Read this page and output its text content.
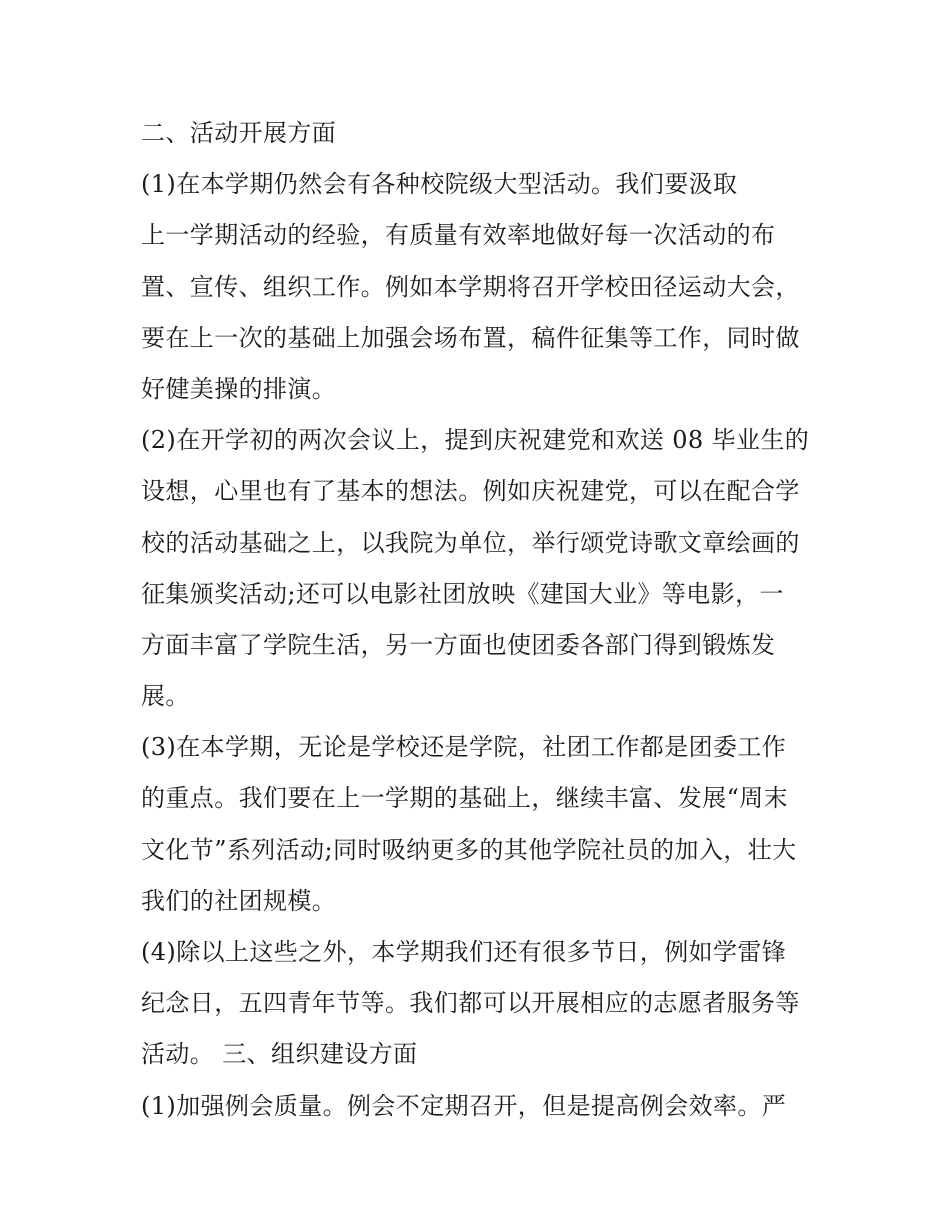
二、活动开展方面
(1)在本学期仍然会有各种校院级大型活动。我们要汲取
上一学期活动的经验，有质量有效率地做好每一次活动的布
置、宣传、组织工作。例如本学期将召开学校田径运动大会，
要在上一次的基础上加强会场布置，稿件征集等工作，同时做
好健美操的排演。
(2)在开学初的两次会议上，提到庆祝建党和欢送 08 毕业生的
设想，心里也有了基本的想法。例如庆祝建党，可以在配合学
校的活动基础之上，以我院为单位，举行颂党诗歌文章绘画的
征集颁奖活动;还可以电影社团放映《建国大业》等电影，一
方面丰富了学院生活，另一方面也使团委各部门得到锻炼发
展。
(3)在本学期，无论是学校还是学院，社团工作都是团委工作
的重点。我们要在上一学期的基础上，继续丰富、发展“周末
文化节”系列活动;同时吸纳更多的其他学院社员的加入，壮大
我们的社团规模。
(4)除以上这些之外，本学期我们还有很多节日，例如学雷锋
纪念日，五四青年节等。我们都可以开展相应的志愿者服务等
活动。 三、组织建设方面
(1)加强例会质量。例会不定期召开，但是提高例会效率。严
